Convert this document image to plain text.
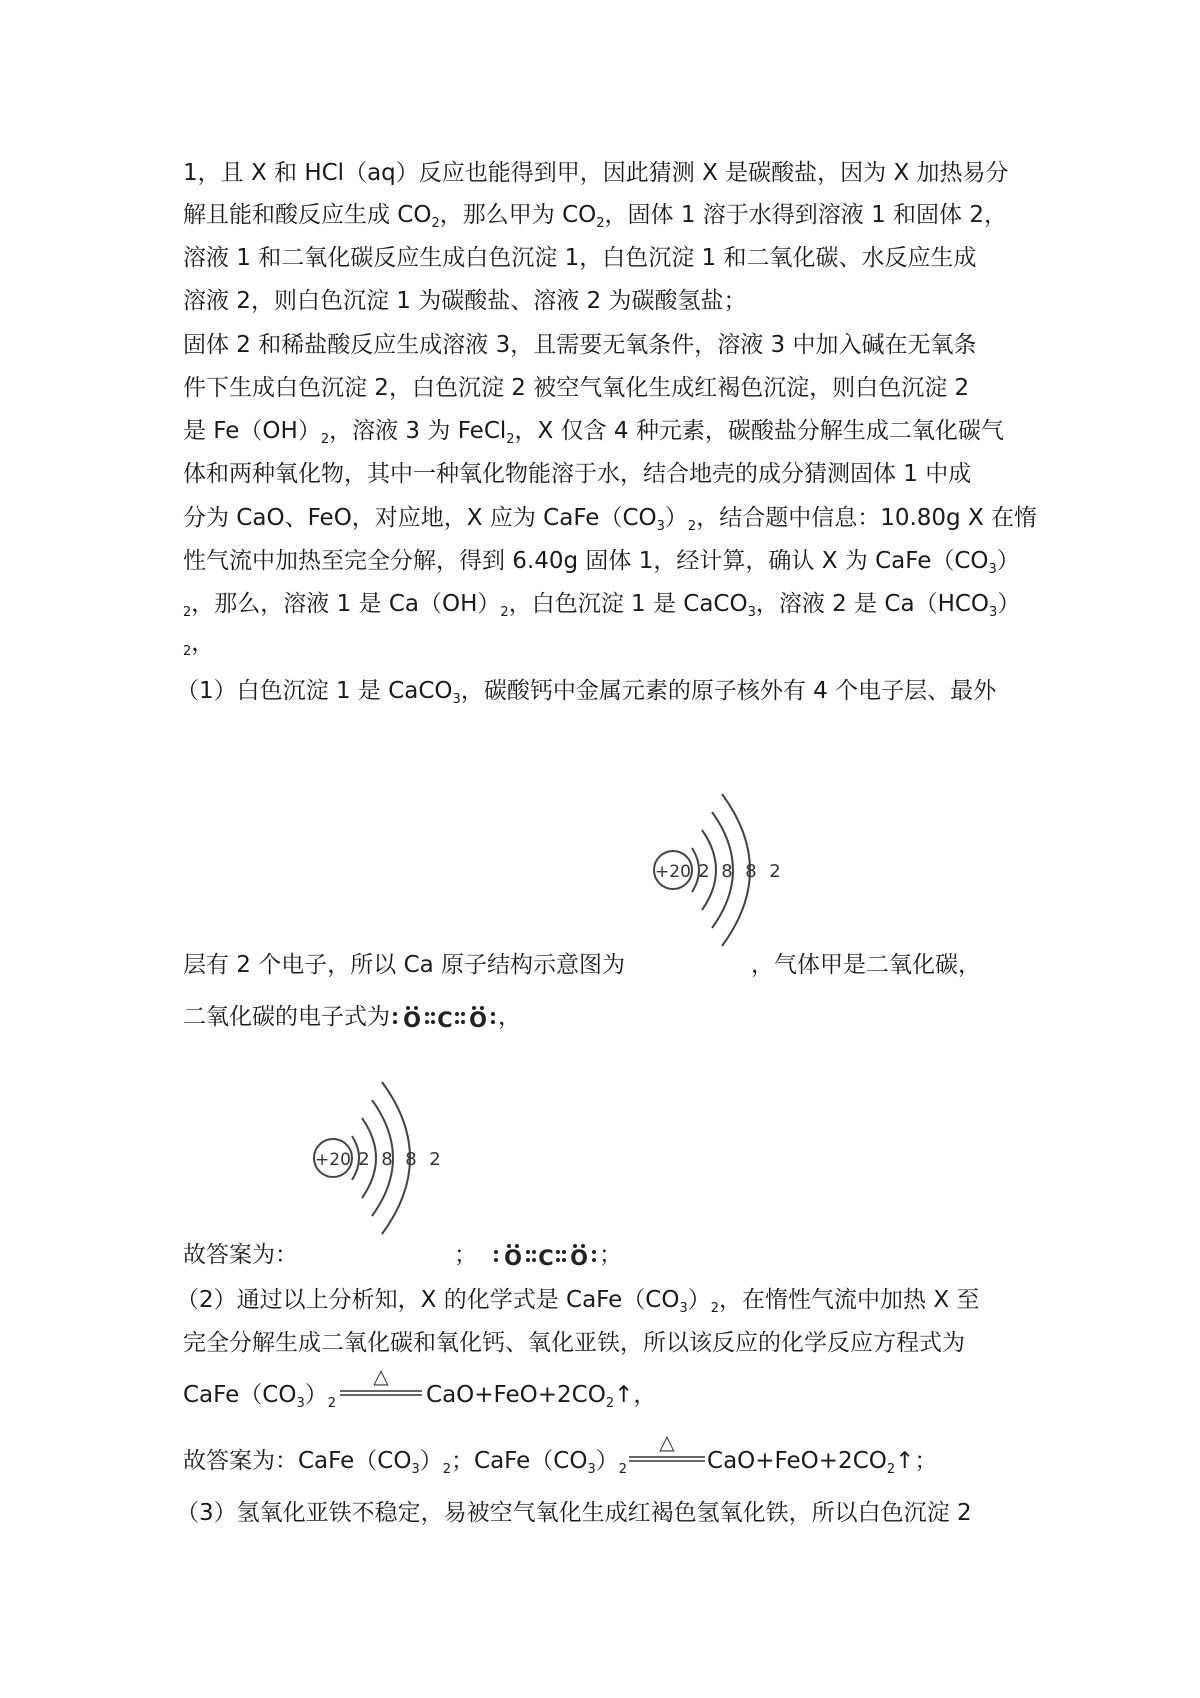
1，且 X 和 HCl（aq）反应也能得到甲，因此猜测 X 是碳酸盐，因为 X 加热易分
解且能和酸反应生成 $CO_2$，那么甲为 $CO_2$，固体 1 溶于水得到溶液 1 和固体 2，
溶液 1 和二氧化碳反应生成白色沉淀 1，白色沉淀 1 和二氧化碳、水反应生成
溶液 2，则白色沉淀 1 为碳酸盐、溶液 2 为碳酸氢盐；
固体 2 和稀盐酸反应生成溶液 3，且需要无氧条件，溶液 3 中加入碱在无氧条
件下生成白色沉淀 2，白色沉淀 2 被空气氧化生成红褐色沉淀，则白色沉淀 2
是 $Fe(OH)_2$，溶液 3 为 FeCl$_2$，X 仅含 4 种元素，碳酸盐分解生成二氧化碳气
体和两种氧化物，其中一种氧化物能溶于水，结合地壳的成分猜测固体 1 中成
分为 CaO、FeO，对应地，X 应为 $CaFe(CO_3)_2$，结合题中信息：10.80g X 在惰
性气流中加热至完全分解，得到 6.40g 固体 1，经计算，确认 X 为 $CaFe(CO_3)$
$_2$，那么，溶液 1 是 $Ca(OH)_2$，白色沉淀 1 是 CaCO$_3$，溶液 2 是 $Ca(HCO_3)$
$_2$，
（1）白色沉淀 1 是 CaCO$_3$，碳酸钙中金属元素的原子核外有 4 个电子层、最外
+20 2 8 8 2
层有 2 个电子，所以 Ca 原子结构示意图为	，气体甲是二氧化碳，
二氧化碳的电子式为 O C O ，
+20 2 8 8 2
故答案为：	； O C O ；
（2）通过以上分析知，X 的化学式是 $CaFe(CO_3)_2$，在惰性气流中加热 X 至
完全分解生成二氧化碳和氧化钙、氧化亚铁，所以该反应的化学反应方程式为
$CaFe(CO_3)_2$
△
$CaO+FeO+2CO_2↑$，
故答案为：$CaFe(CO_3)_2$；$CaFe(CO_3)_2$
△
$CaO+FeO+2CO_2↑$；
（3）氢氧化亚铁不稳定，易被空气氧化生成红褐色氢氧化铁，所以白色沉淀 2
